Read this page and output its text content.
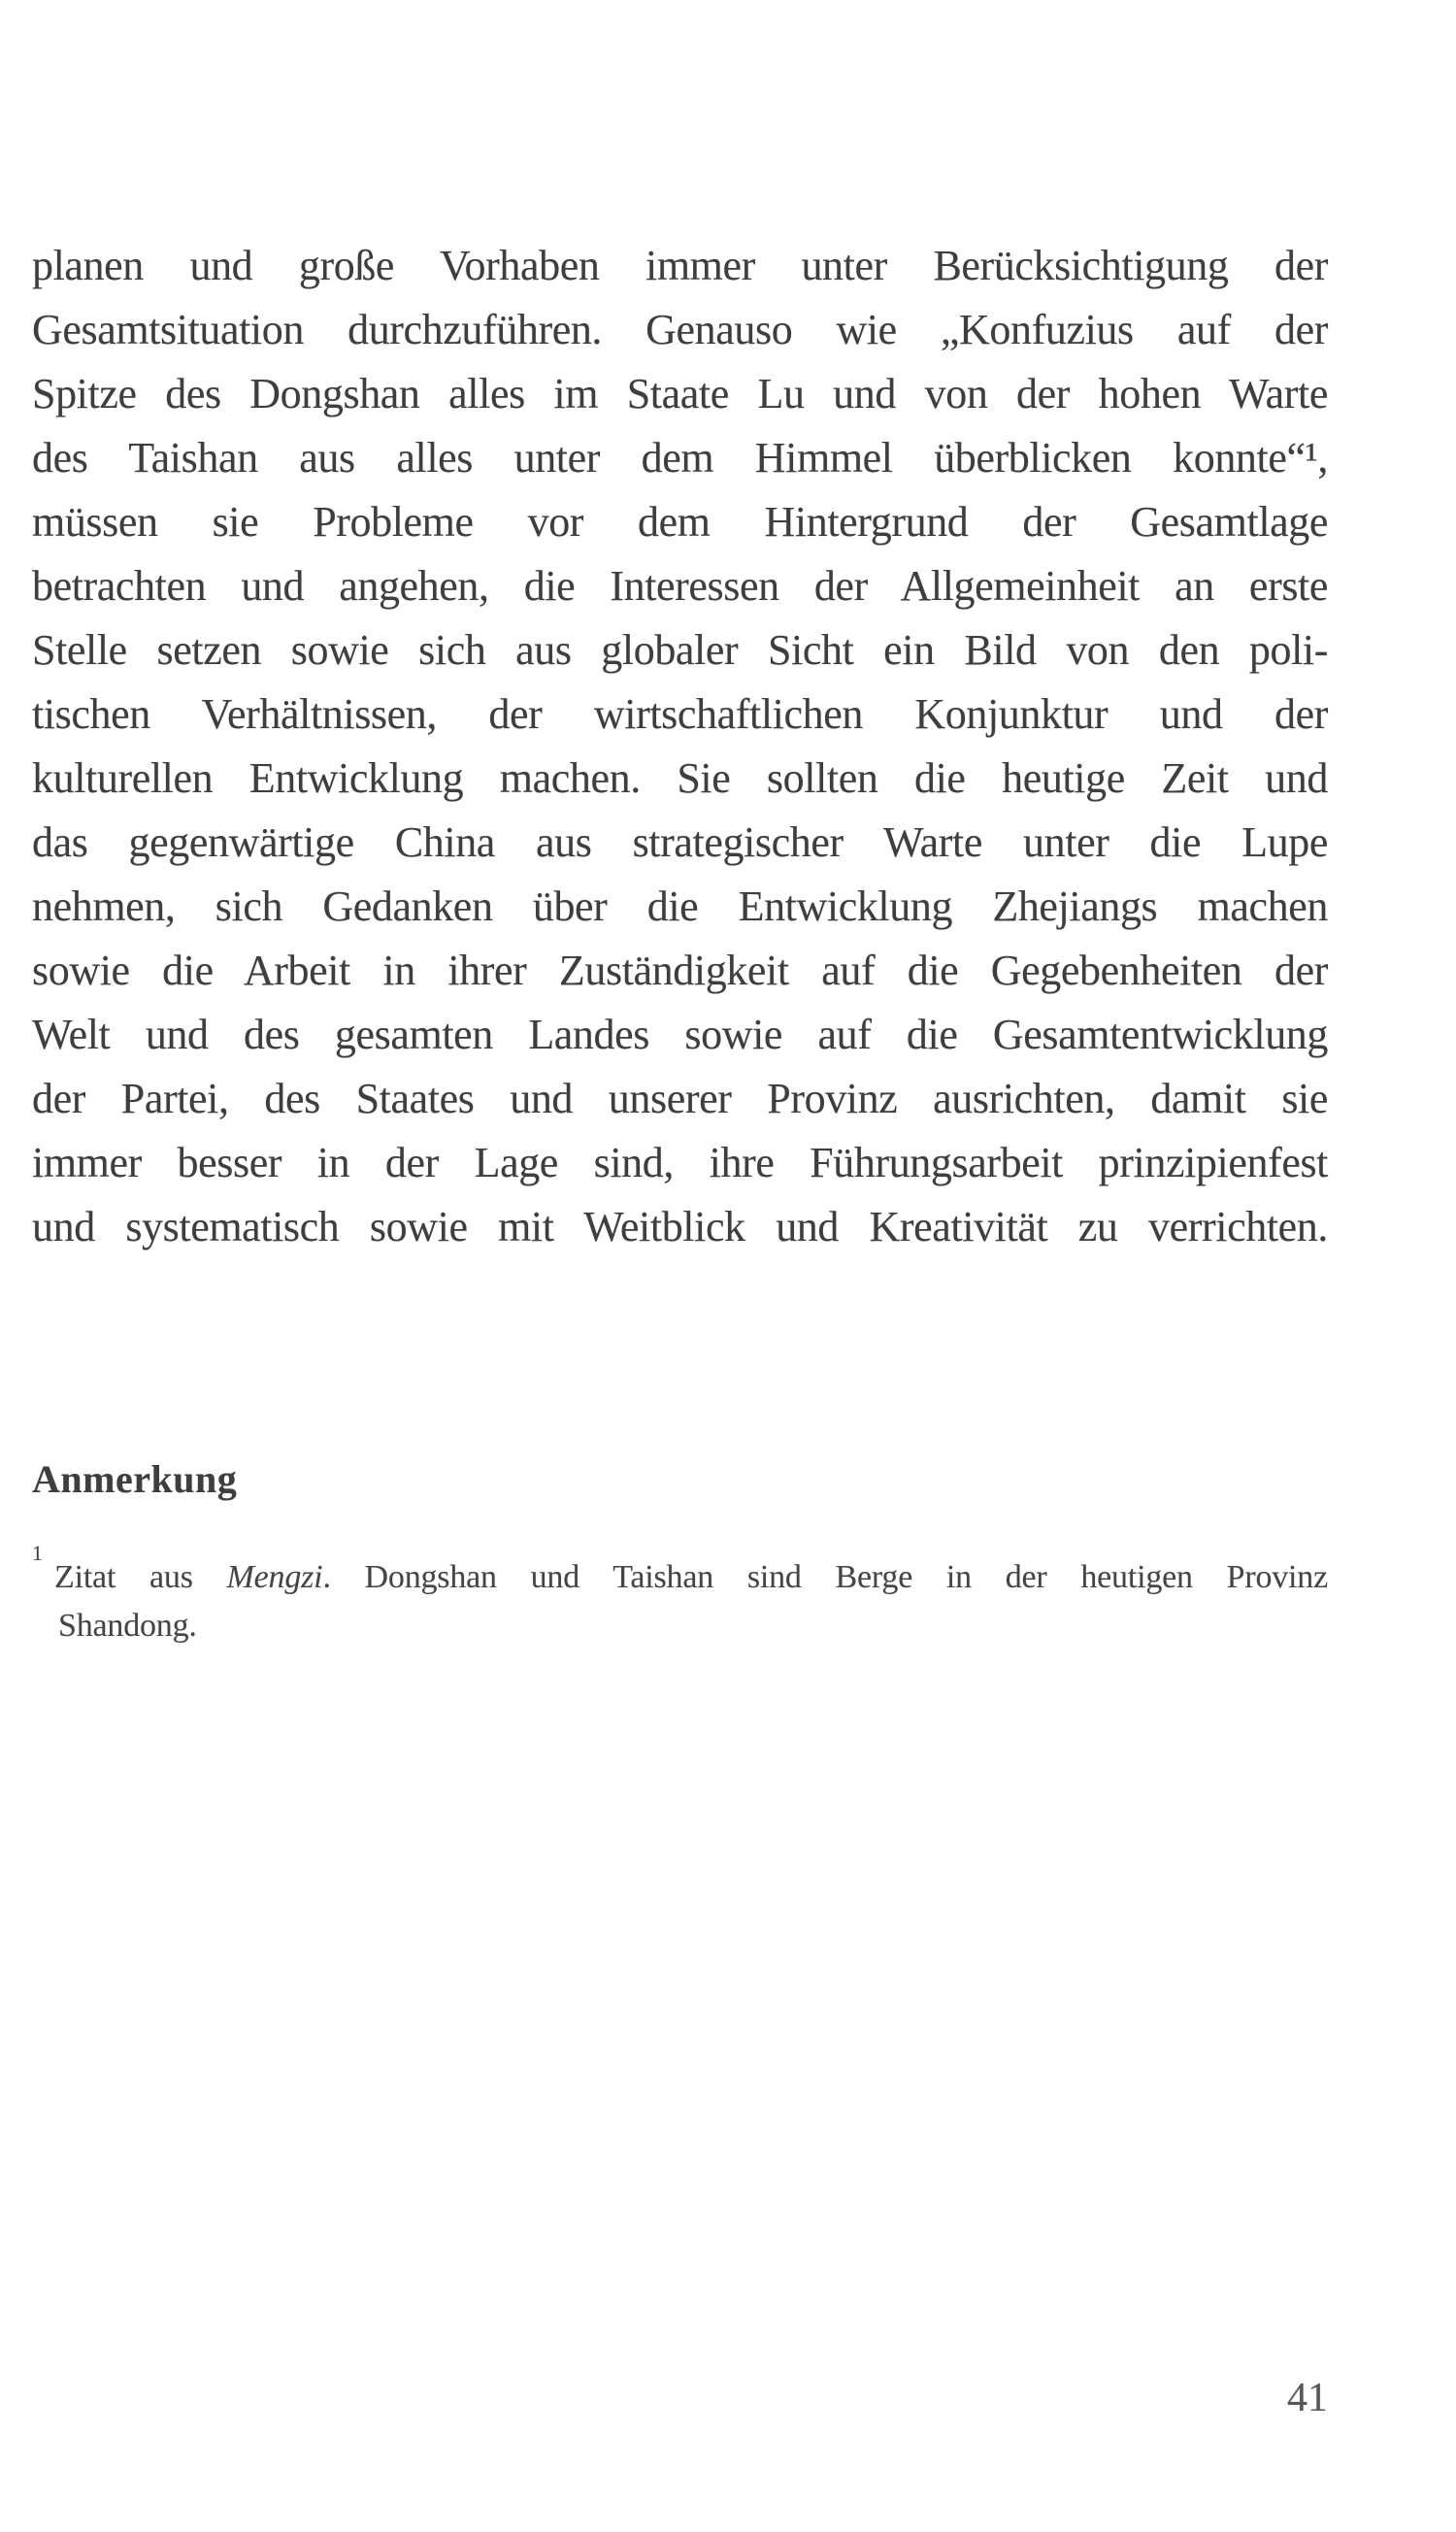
planen und große Vorhaben immer unter Berücksichtigung der
Gesamtsituation durchzuführen. Genauso wie „Konfuzius auf der
Spitze des Dongshan alles im Staate Lu und von der hohen Warte
des Taishan aus alles unter dem Himmel überblicken konnte“¹,
müssen sie Probleme vor dem Hintergrund der Gesamtlage
betrachten und angehen, die Interessen der Allgemeinheit an erste
Stelle setzen sowie sich aus globaler Sicht ein Bild von den poli-
tischen Verhältnissen, der wirtschaftlichen Konjunktur und der
kulturellen Entwicklung machen. Sie sollten die heutige Zeit und
das gegenwärtige China aus strategischer Warte unter die Lupe
nehmen, sich Gedanken über die Entwicklung Zhejiangs machen
sowie die Arbeit in ihrer Zuständigkeit auf die Gegebenheiten der
Welt und des gesamten Landes sowie auf die Gesamtentwicklung
der Partei, des Staates und unserer Provinz ausrichten, damit sie
immer besser in der Lage sind, ihre Führungsarbeit prinzipienfest
und systematisch sowie mit Weitblick und Kreativität zu verrichten.
Anmerkung
$^1$Zitat aus Mengzi. Dongshan und Taishan sind Berge in der heutigen Provinz
Shandong.
41
